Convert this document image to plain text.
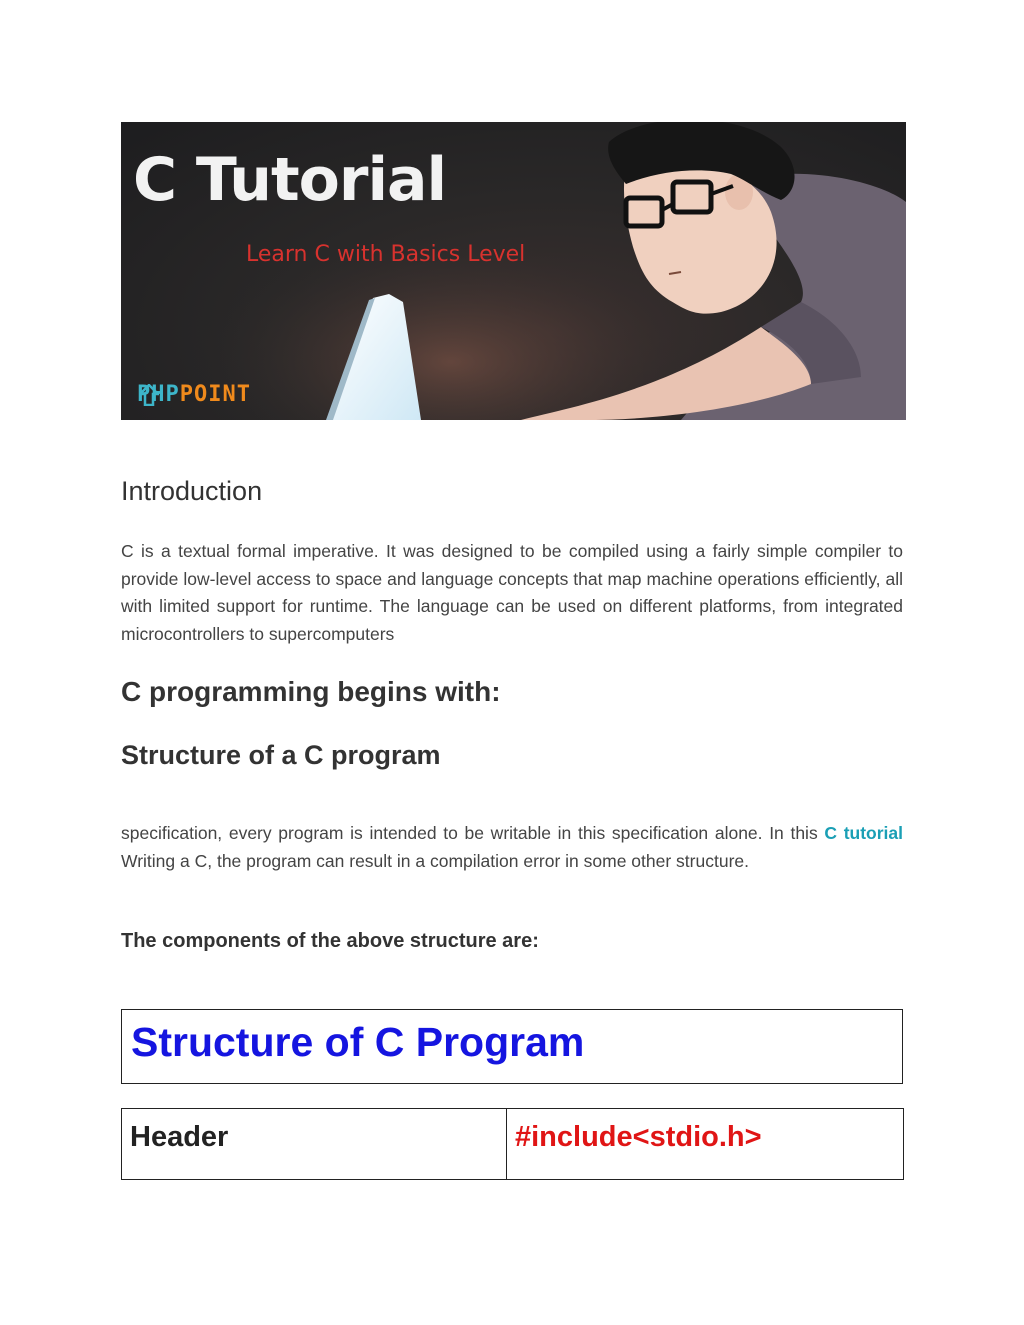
C Tutorial
Learn C with Basics Level
PHP
POINT
Introduction

C is a textual formal imperative. It was designed to be compiled using a fairly simple compiler to provide low-level access to space and language concepts that map machine operations efficiently, all with limited support for runtime. The language can be used on different platforms, from integrated microcontrollers to supercomputers

C programming begins with:
Structure of a C program

specification, every program is intended to be writable in this specification alone. In this C tutorial Writing a C, the program can result in a compilation error in some other structure.

The components of the above structure are:
Structure of C Program
Header	#include<stdio.h>
